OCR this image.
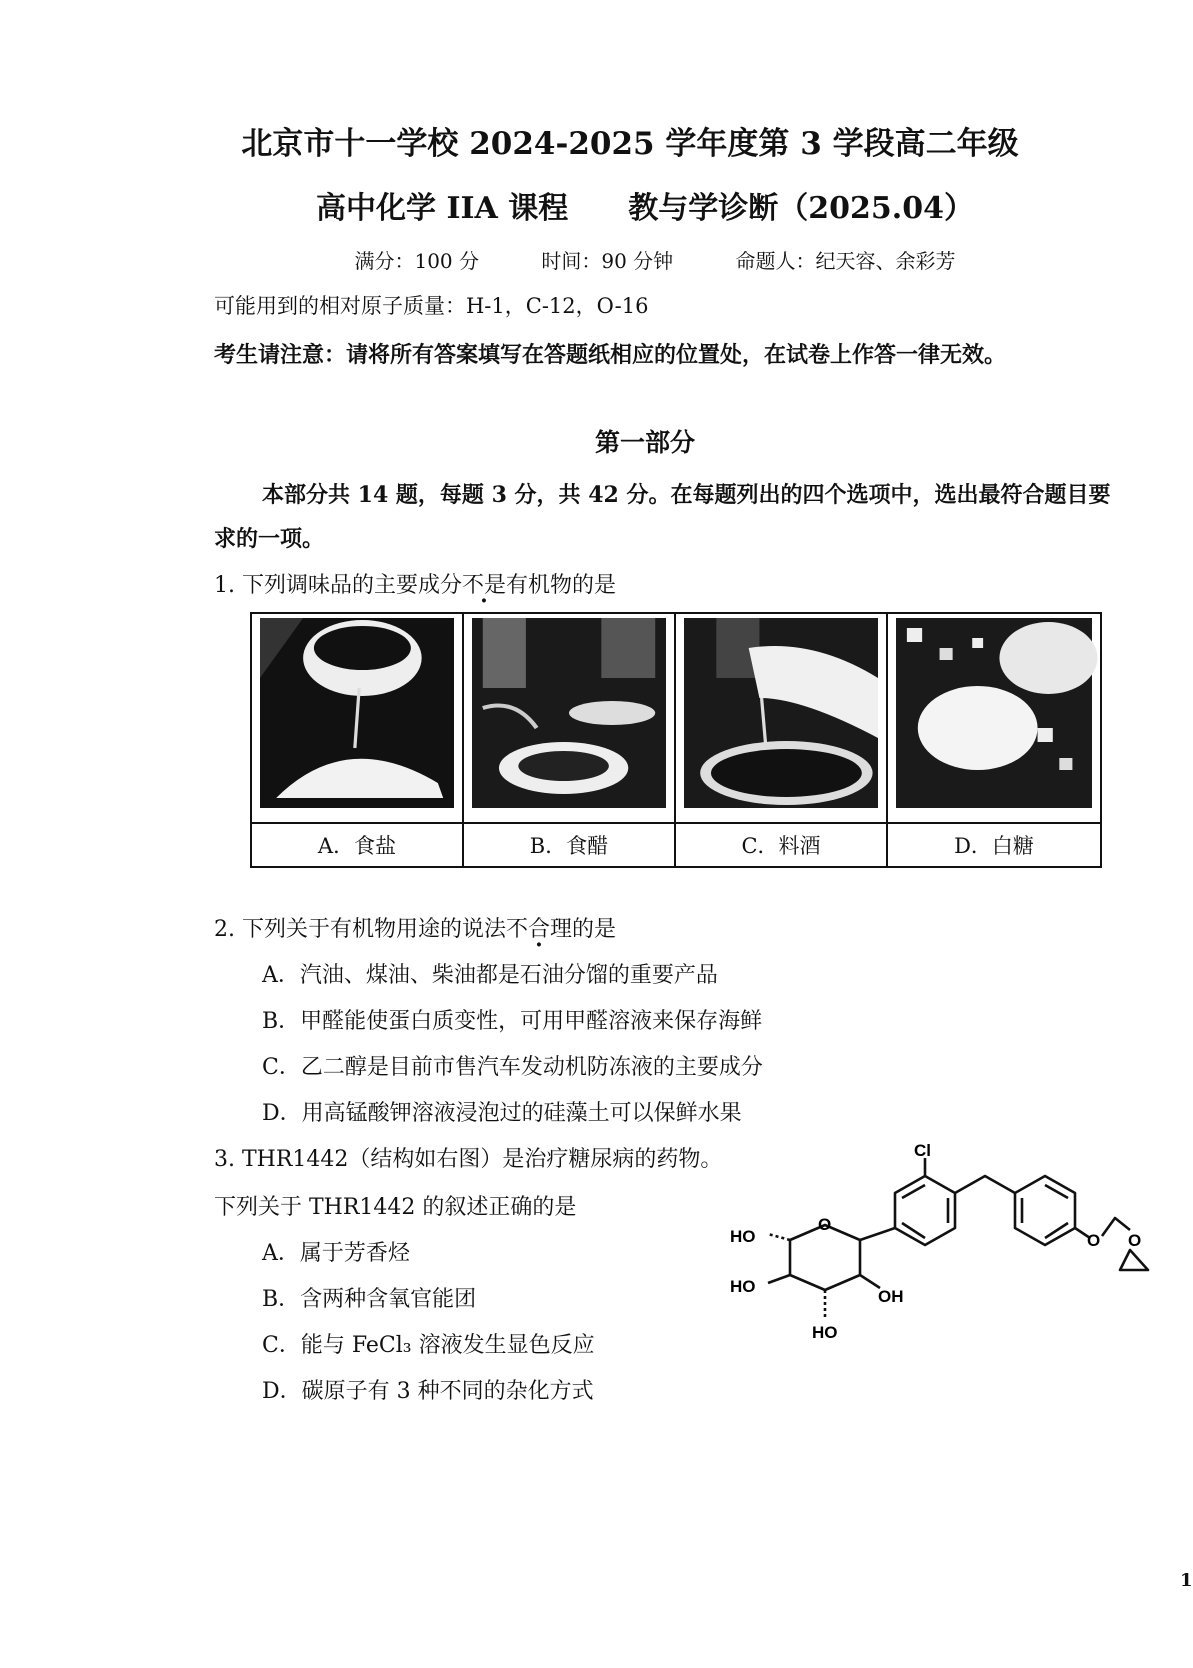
北京市十一学校 2024-2025 学年度第 3 学段高二年级
高中化学 IIA 课程　　教与学诊断（2025.04）
满分：100 分	时间：90 分钟	命题人：纪天容、余彩芳
可能用到的相对原子质量：H-1，C-12，O-16
考生请注意：请将所有答案填写在答题纸相应的位置处，在试卷上作答一律无效。
第一部分
本部分共 14 题，每题 3 分，共 42 分。在每题列出的四个选项中，选出最符合题目要
求的一项。
1. 下列调味品的主要成分不是有机物的是
A．食盐	B．食醋	C．料酒	D．白糖
2. 下列关于有机物用途的说法不合理的是
A．汽油、煤油、柴油都是石油分馏的重要产品
B．甲醛能使蛋白质变性，可用甲醛溶液来保存海鲜
C．乙二醇是目前市售汽车发动机防冻液的主要成分
D．用高锰酸钾溶液浸泡过的硅藻土可以保鲜水果
3. THR1442（结构如右图）是治疗糖尿病的药物。
下列关于 THR1442 的叙述正确的是
A．属于芳香烃
B．含两种含氧官能团
C．能与 FeCl₃ 溶液发生显色反应
D．碳原子有 3 种不同的杂化方式
Cl
HO
O
HO
OH
HO
O O
1
